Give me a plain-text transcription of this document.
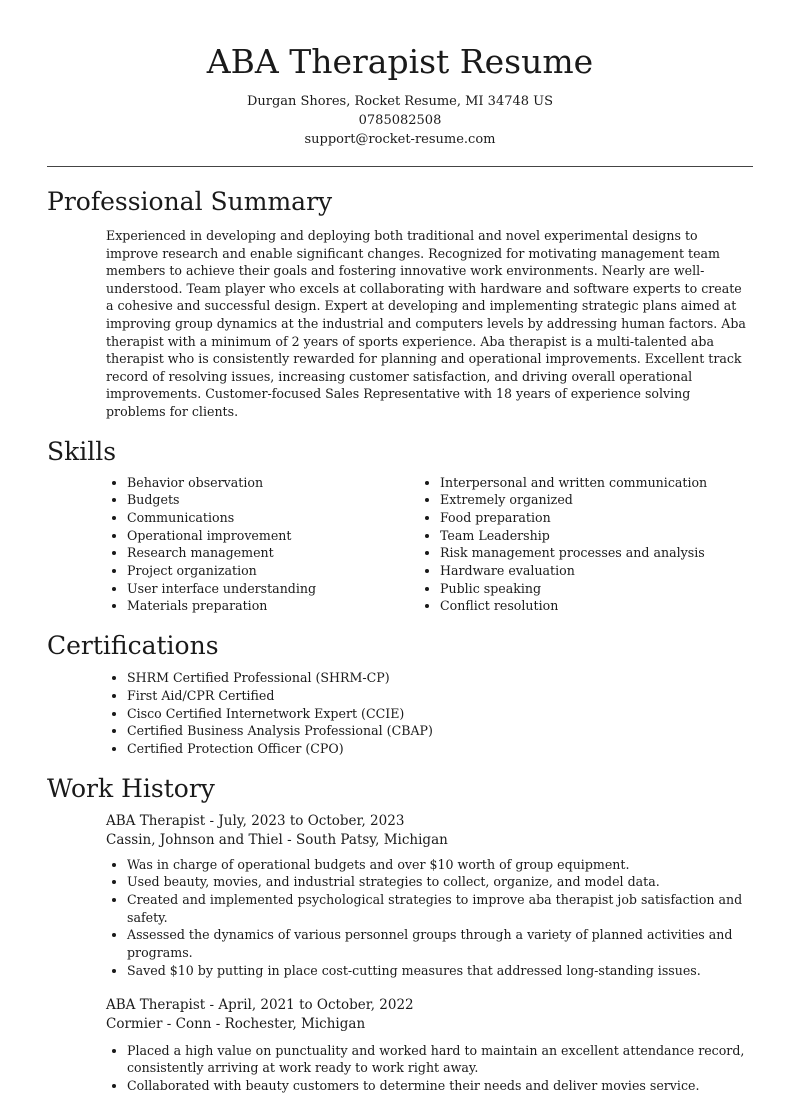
ABA Therapist Resume
Durgan Shores, Rocket Resume, MI 34748 US
0785082508
support@rocket-resume.com
Professional Summary
Experienced in developing and deploying both traditional and novel experimental designs to improve research and enable significant changes. Recognized for motivating management team members to achieve their goals and fostering innovative work environments. Nearly are well-understood. Team player who excels at collaborating with hardware and software experts to create a cohesive and successful design. Expert at developing and implementing strategic plans aimed at improving group dynamics at the industrial and computers levels by addressing human factors. Aba therapist with a minimum of 2 years of sports experience. Aba therapist is a multi-talented aba therapist who is consistently rewarded for planning and operational improvements. Excellent track record of resolving issues, increasing customer satisfaction, and driving overall operational improvements. Customer-focused Sales Representative with 18 years of experience solving problems for clients.
Skills
• Behavior observation
• Budgets
• Communications
• Operational improvement
• Research management
• Project organization
• User interface understanding
• Materials preparation
• Interpersonal and written communication
• Extremely organized
• Food preparation
• Team Leadership
• Risk management processes and analysis
• Hardware evaluation
• Public speaking
• Conflict resolution
Certifications
• SHRM Certified Professional (SHRM-CP)
• First Aid/CPR Certified
• Cisco Certified Internetwork Expert (CCIE)
• Certified Business Analysis Professional (CBAP)
• Certified Protection Officer (CPO)
Work History
ABA Therapist - July, 2023 to October, 2023
Cassin, Johnson and Thiel - South Patsy, Michigan
• Was in charge of operational budgets and over $10 worth of group equipment.
• Used beauty, movies, and industrial strategies to collect, organize, and model data.
• Created and implemented psychological strategies to improve aba therapist job satisfaction and safety.
• Assessed the dynamics of various personnel groups through a variety of planned activities and programs.
• Saved $10 by putting in place cost-cutting measures that addressed long-standing issues.
ABA Therapist - April, 2021 to October, 2022
Cormier - Conn - Rochester, Michigan
• Placed a high value on punctuality and worked hard to maintain an excellent attendance record, consistently arriving at work ready to work right away.
• Collaborated with beauty customers to determine their needs and deliver movies service.
